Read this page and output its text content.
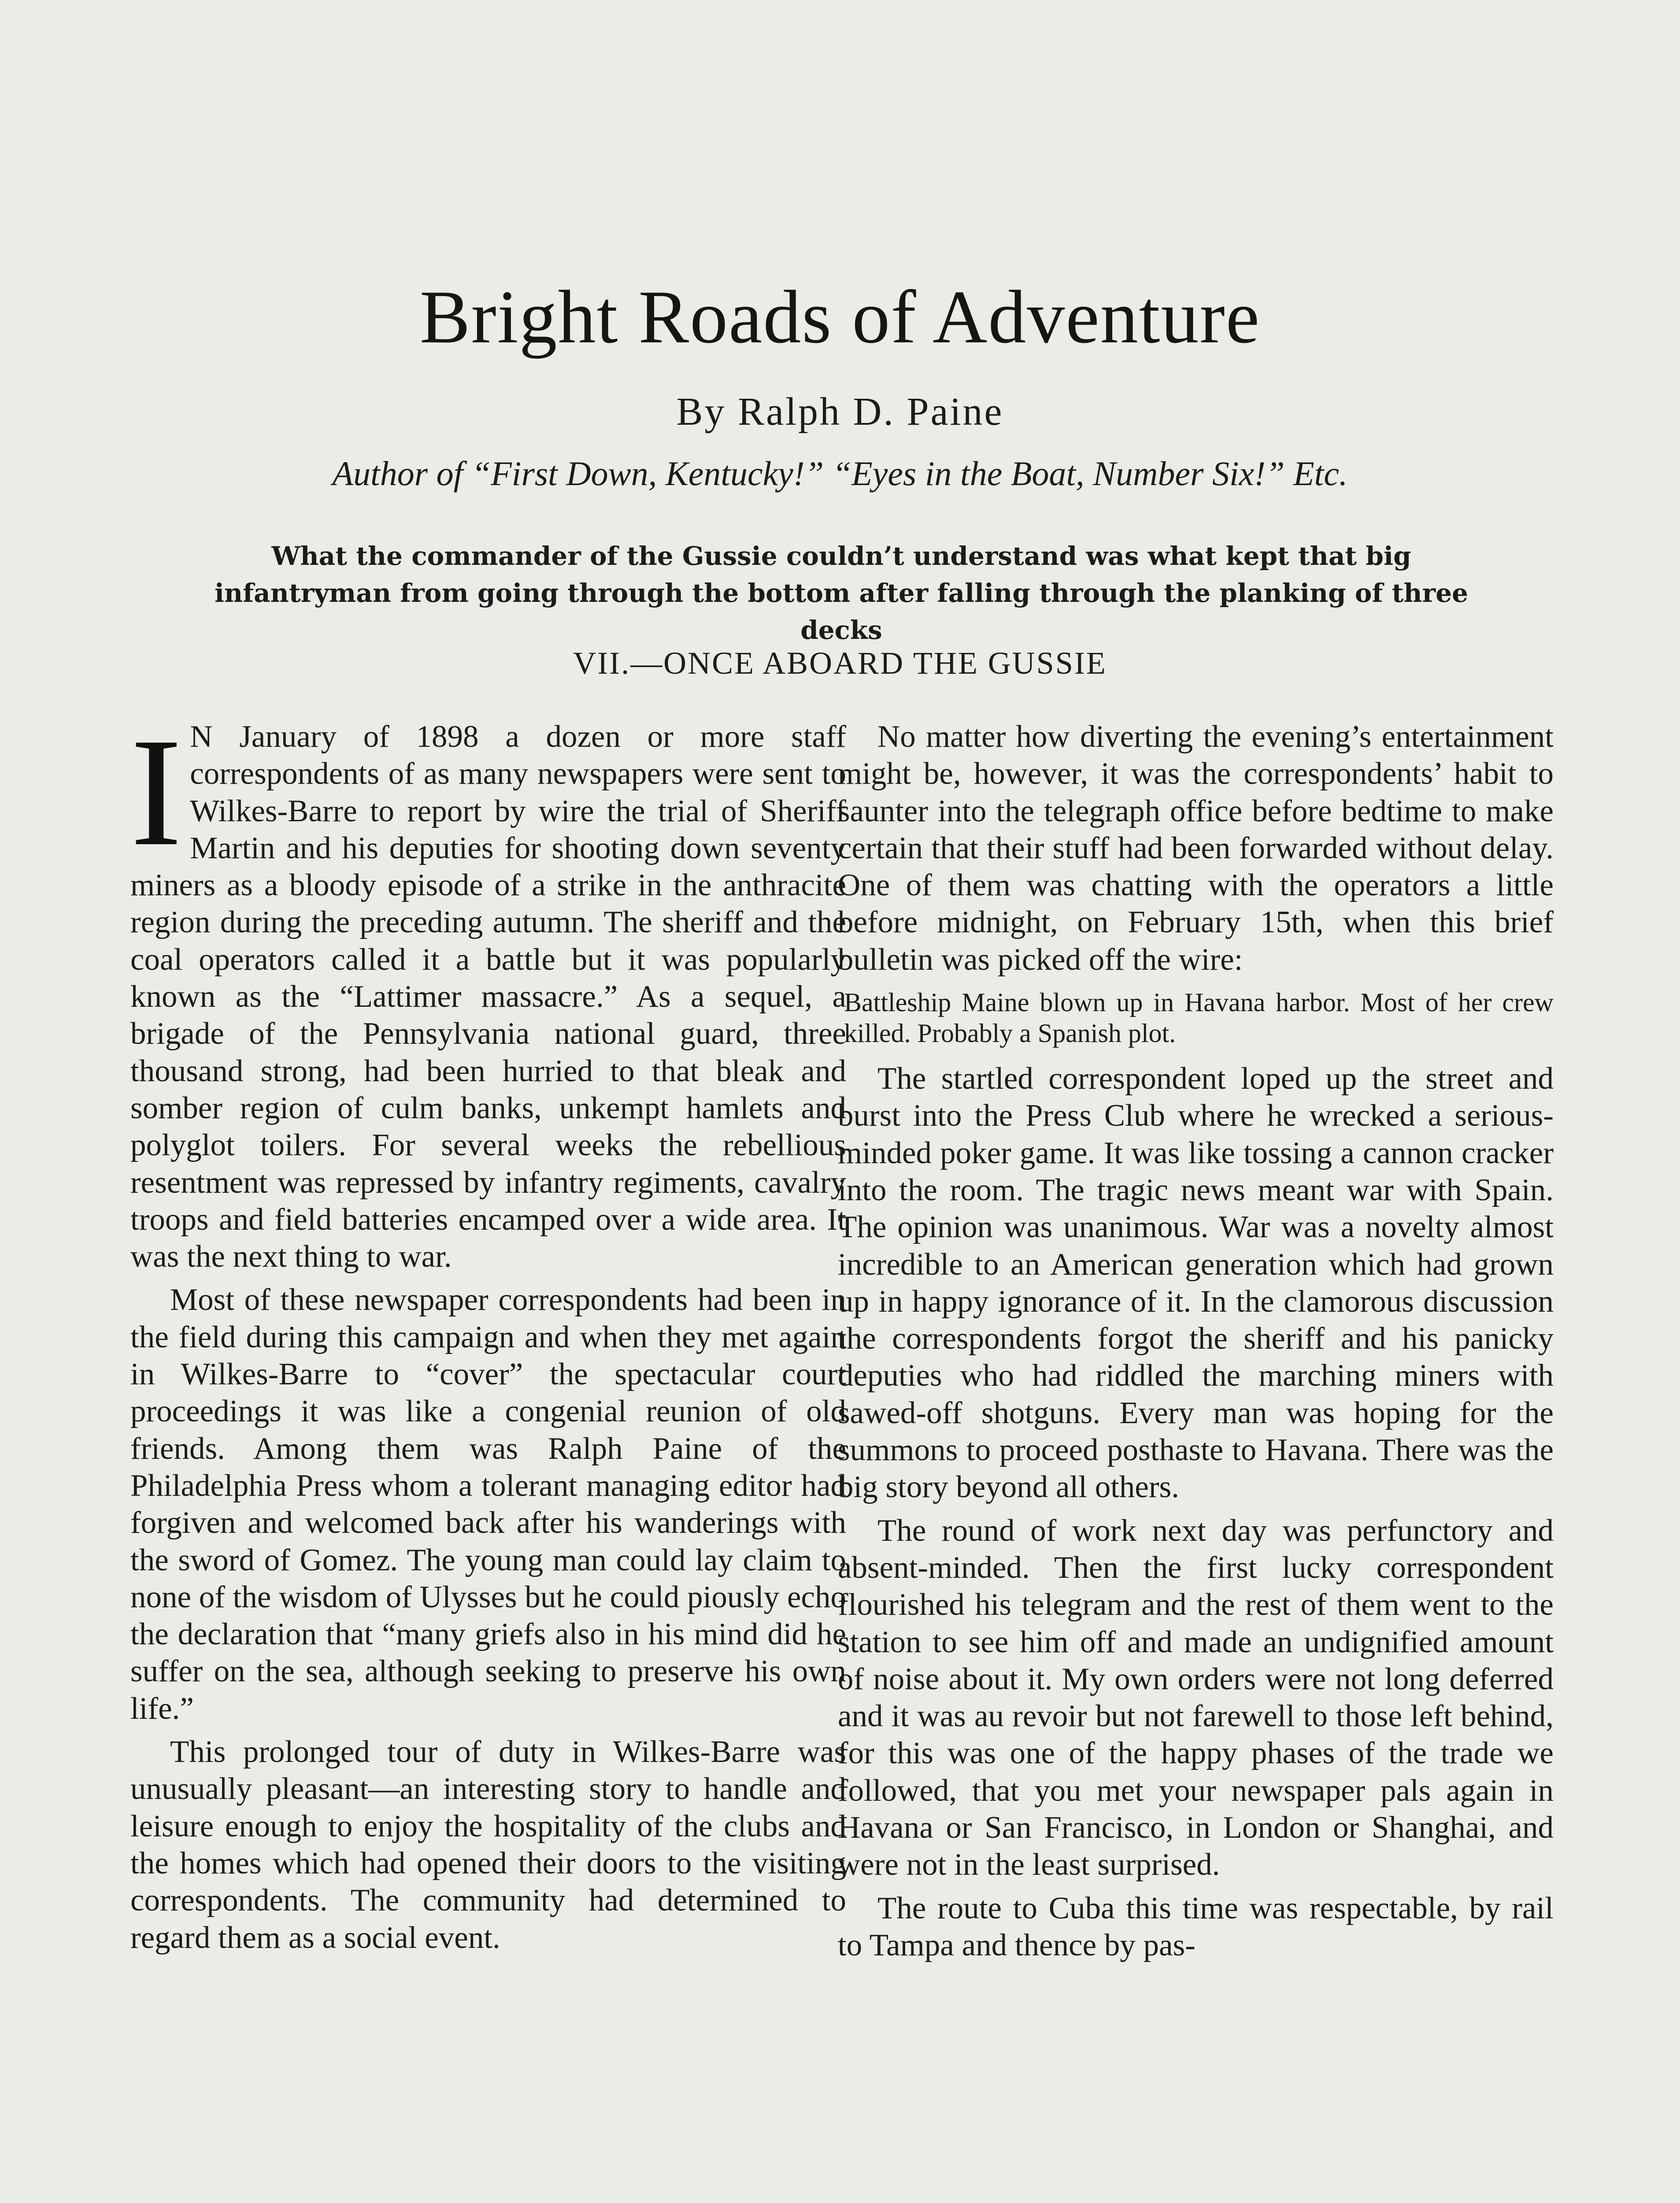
Bright Roads of Adventure
By Ralph D. Paine
Author of “First Down, Kentucky!” “Eyes in the Boat, Number Six!” Etc.
What the commander of the Gussie couldn’t understand was what kept that big infantryman from going through the bottom after falling through the planking of three decks
VII.—ONCE ABOARD THE GUSSIE

I N January of 1898 a dozen or more staff correspondents of as many newspapers were sent to Wilkes-Barre to report by wire the trial of Sheriff Martin and his deputies for shooting down seventy miners as a bloody episode of a strike in the anthracite region during the preceding autumn. The sheriff and the coal operators called it a battle but it was popularly known as the “Lattimer massacre.” As a sequel, a brigade of the Pennsylvania national guard, three thousand strong, had been hurried to that bleak and somber region of culm banks, unkempt hamlets and polyglot toilers. For several weeks the rebellious resentment was repressed by infantry regiments, cavalry troops and field batteries encamped over a wide area. It was the next thing to war.

Most of these newspaper correspondents had been in the field during this campaign and when they met again in Wilkes-Barre to “cover” the spectacular court proceedings it was like a congenial reunion of old friends. Among them was Ralph Paine of the Philadelphia Press whom a tolerant managing editor had forgiven and welcomed back after his wanderings with the sword of Gomez. The young man could lay claim to none of the wisdom of Ulysses but he could piously echo the declaration that “many griefs also in his mind did he suffer on the sea, although seeking to preserve his own life.”

This prolonged tour of duty in Wilkes-Barre was unusually pleasant—an interesting story to handle and leisure enough to enjoy the hospitality of the clubs and the homes which had opened their doors to the visiting correspondents. The community had determined to regard them as a social event.

No matter how diverting the evening’s entertainment might be, however, it was the correspondents’ habit to saunter into the telegraph office before bedtime to make certain that their stuff had been forwarded without delay. One of them was chatting with the operators a little before midnight, on February 15th, when this brief bulletin was picked off the wire:

Battleship Maine blown up in Havana harbor. Most of her crew killed. Probably a Spanish plot.

The startled correspondent loped up the street and burst into the Press Club where he wrecked a serious-minded poker game. It was like tossing a cannon cracker into the room. The tragic news meant war with Spain. The opinion was unanimous. War was a novelty almost incredible to an American generation which had grown up in happy ignorance of it. In the clamorous discussion the correspondents forgot the sheriff and his panicky deputies who had riddled the marching miners with sawed-off shotguns. Every man was hoping for the summons to proceed posthaste to Havana. There was the big story beyond all others.

The round of work next day was perfunctory and absent-minded. Then the first lucky correspondent flourished his telegram and the rest of them went to the station to see him off and made an undignified amount of noise about it. My own orders were not long deferred and it was au revoir but not farewell to those left behind, for this was one of the happy phases of the trade we followed, that you met your newspaper pals again in Havana or San Francisco, in London or Shanghai, and were not in the least surprised.

The route to Cuba this time was respectable, by rail to Tampa and thence by pas-
